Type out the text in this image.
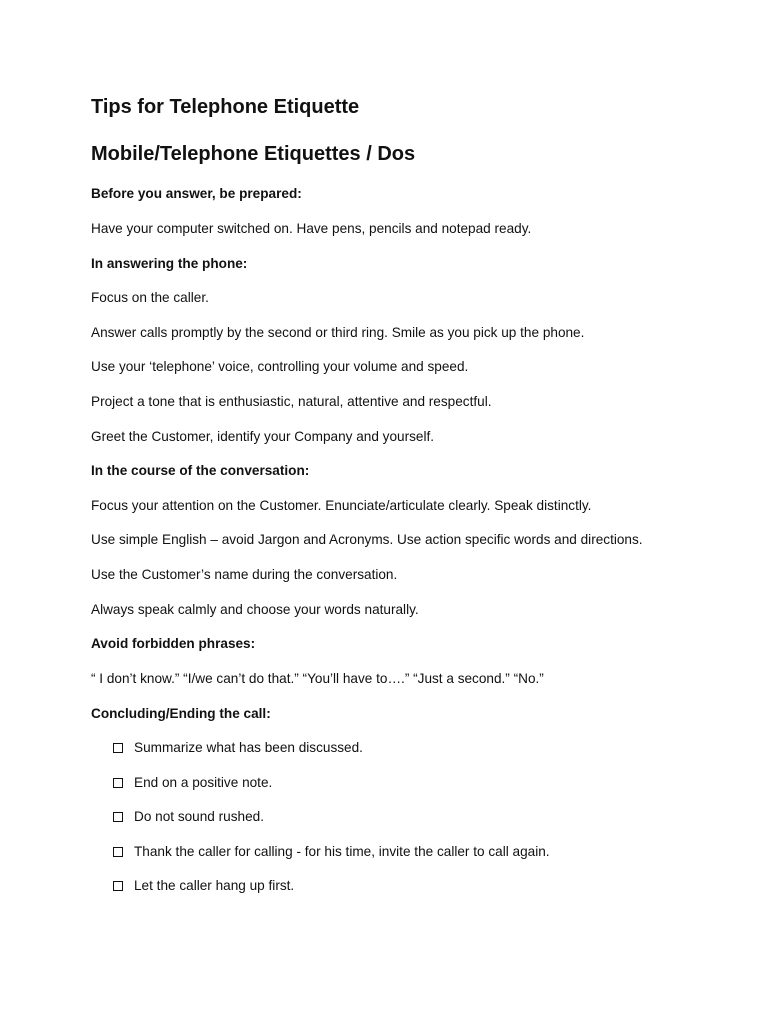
Tips for Telephone Etiquette
Mobile/Telephone Etiquettes / Dos
Before you answer, be prepared:
Have your computer switched on. Have pens, pencils and notepad ready.
In answering the phone:
Focus on the caller.
Answer calls promptly by the second or third ring. Smile as you pick up the phone.
Use your ‘telephone’ voice, controlling your volume and speed.
Project a tone that is enthusiastic, natural, attentive and respectful.
Greet the Customer, identify your Company and yourself.
In the course of the conversation:
Focus your attention on the Customer. Enunciate/articulate clearly. Speak distinctly.
Use simple English – avoid Jargon and Acronyms. Use action specific words and directions.
Use the Customer’s name during the conversation.
Always speak calmly and choose your words naturally.
Avoid forbidden phrases:
“ I don’t know.” “I/we can’t do that.” “You’ll have to….” “Just a second.” “No.”
Concluding/Ending the call:
Summarize what has been discussed.
End on a positive note.
Do not sound rushed.
Thank the caller for calling - for his time, invite the caller to call again.
Let the caller hang up first.
